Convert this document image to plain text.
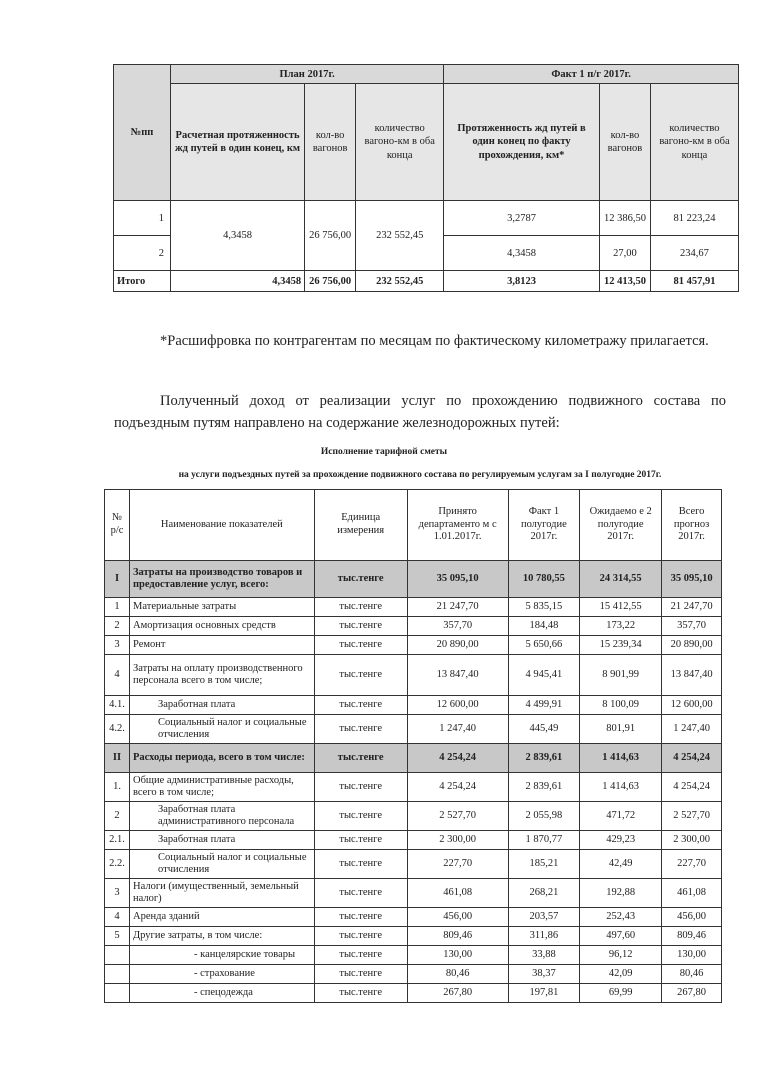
№пп	План 2017г.			Факт 1 п/г 2017г.		
	Расчетная протяженность жд путей в один конец, км	кол-во вагонов	количество вагоно-км в оба конца	Протяженность жд путей в один конец по факту прохождения, км*	кол-во вагонов	количество вагоно-км в оба конца
1	4,3458	26 756,00	232 552,45	3,2787	12 386,50	81 223,24
2				4,3458	27,00	234,67
Итого	4,3458	26 756,00	232 552,45	3,8123	12 413,50	81 457,91
*Расшифровка по контрагентам по месяцам по фактическому километражу прилагается.
Полученный доход от реализации услуг по прохождению подвижного состава по подъездным путям направлено на содержание железнодорожных путей:
Исполнение тарифной сметы
на услуги подъездных путей за прохождение подвижного состава по регулируемым услугам за I полугодие 2017г.
№ р/с	Наименование показателей	Единица измерения	Принято департаменто м с 1.01.2017г.	Факт 1 полугодие 2017г.	Ожидаемо е 2 полугодие 2017г.	Всего прогноз 2017г.
I	Затраты на производство товаров и предоставление услуг, всего:	тыс.тенге	35 095,10	10 780,55	24 314,55	35 095,10
1	Материальные затраты	тыс.тенге	21 247,70	5 835,15	15 412,55	21 247,70
2	Амортизация основных средств	тыс.тенге	357,70	184,48	173,22	357,70
3	Ремонт	тыс.тенге	20 890,00	5 650,66	15 239,34	20 890,00
4	Затраты на оплату производственного персонала всего в том числе;	тыс.тенге	13 847,40	4 945,41	8 901,99	13 847,40
4.1.	Заработная плата	тыс.тенге	12 600,00	4 499,91	8 100,09	12 600,00
4.2.	Социальный налог и социальные отчисления	тыс.тенге	1 247,40	445,49	801,91	1 247,40
II	Расходы периода, всего в том числе:	тыс.тенге	4 254,24	2 839,61	1 414,63	4 254,24
1.	Общие административные расходы, всего в том числе;	тыс.тенге	4 254,24	2 839,61	1 414,63	4 254,24
2	Заработная плата административного персонала	тыс.тенге	2 527,70	2 055,98	471,72	2 527,70
2.1.	Заработная плата	тыс.тенге	2 300,00	1 870,77	429,23	2 300,00
2.2.	Социальный налог и социальные отчисления	тыс.тенге	227,70	185,21	42,49	227,70
3	Налоги (имущественный, земельный налог)	тыс.тенге	461,08	268,21	192,88	461,08
4	Аренда зданий	тыс.тенге	456,00	203,57	252,43	456,00
5	Другие затраты, в том числе:	тыс.тенге	809,46	311,86	497,60	809,46
	- канцелярские товары	тыс.тенге	130,00	33,88	96,12	130,00
	- страхование	тыс.тенге	80,46	38,37	42,09	80,46
	- спецодежда	тыс.тенге	267,80	197,81	69,99	267,80
